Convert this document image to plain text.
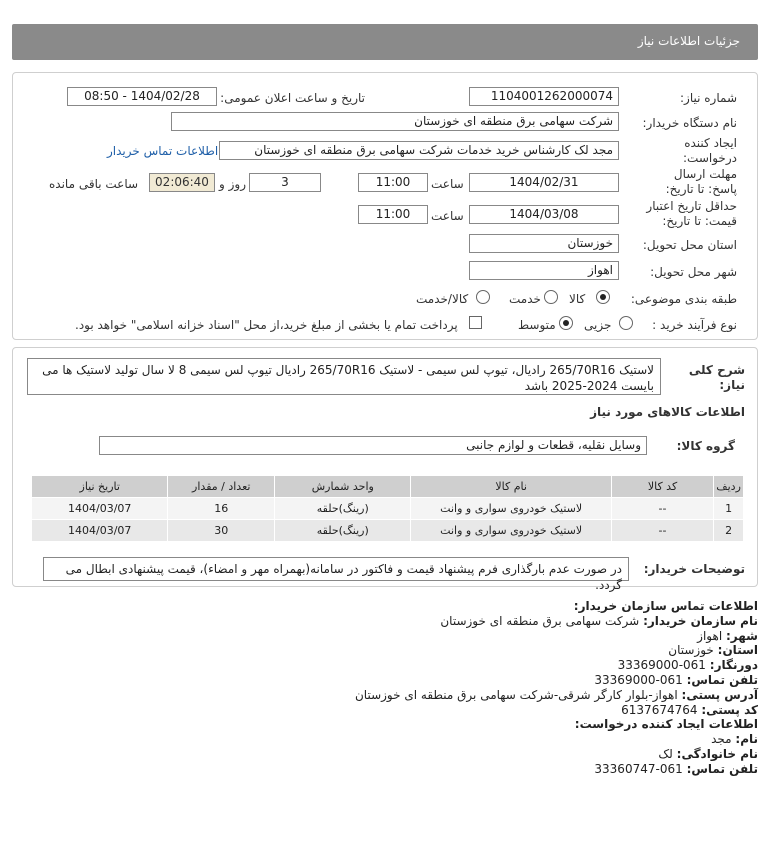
جزئیات اطلاعات نیاز
شماره نیاز:
1104001262000074
تاریخ و ساعت اعلان عمومی:
1404/02/28 - 08:50
نام دستگاه خریدار:
شرکت سهامی برق منطقه ای خوزستان
ایجاد کننده درخواست:
مجد لک کارشناس خرید خدمات شرکت سهامی برق منطقه ای خوزستان
اطلاعات تماس خریدار
مهلت ارسال پاسخ: تا تاریخ:
1404/02/31
ساعت
11:00
3
روز و
02:06:40
ساعت باقی مانده
حداقل تاریخ اعتبار قیمت: تا تاریخ:
1404/03/08
ساعت
11:00
استان محل تحویل:
خوزستان
شهر محل تحویل:
اهواز
طبقه بندی موضوعی:
کالا
خدمت
کالا/خدمت
نوع فرآیند خرید :
جزیی
متوسط
پرداخت تمام یا بخشی از مبلغ خرید،از محل "اسناد خزانه اسلامی" خواهد بود.
شرح کلی نیاز:
لاستیک 265/70R16 رادیال، تیوپ لس سیمی - لاستیک 265/70R16 رادیال تیوپ لس سیمی 8 لا سال تولید لاستیک ها می بایست 2024-2025 باشد
اطلاعات کالاهای مورد نیاز
گروه کالا:
وسایل نقلیه، قطعات و لوازم جانبی
ردیف	کد کالا	نام کالا	واحد شمارش	تعداد / مقدار	تاریخ نیاز
1	--	لاستیک خودروی سواری و وانت	(رینگ)حلقه	16	1404/03/07
2	--	لاستیک خودروی سواری و وانت	(رینگ)حلقه	30	1404/03/07
توضیحات خریدار:
در صورت عدم بارگذاری فرم پیشنهاد قیمت و فاکتور در سامانه(بهمراه مهر و امضاء)، قیمت پیشنهادی ابطال می گردد.
اطلاعات تماس سازمان خریدار:
نام سازمان خریدار: شرکت سهامی برق منطقه ای خوزستان
شهر: اهواز
استان: خوزستان
دورنگار: 061-33369000
تلفن تماس: 061-33369000
آدرس پستی: اهواز-بلوار کارگر شرقی-شرکت سهامی برق منطقه ای خوزستان
کد پستی: 6137674764
اطلاعات ایجاد کننده درخواست:
نام: مجد
نام خانوادگی: لک
تلفن تماس: 061-33360747
